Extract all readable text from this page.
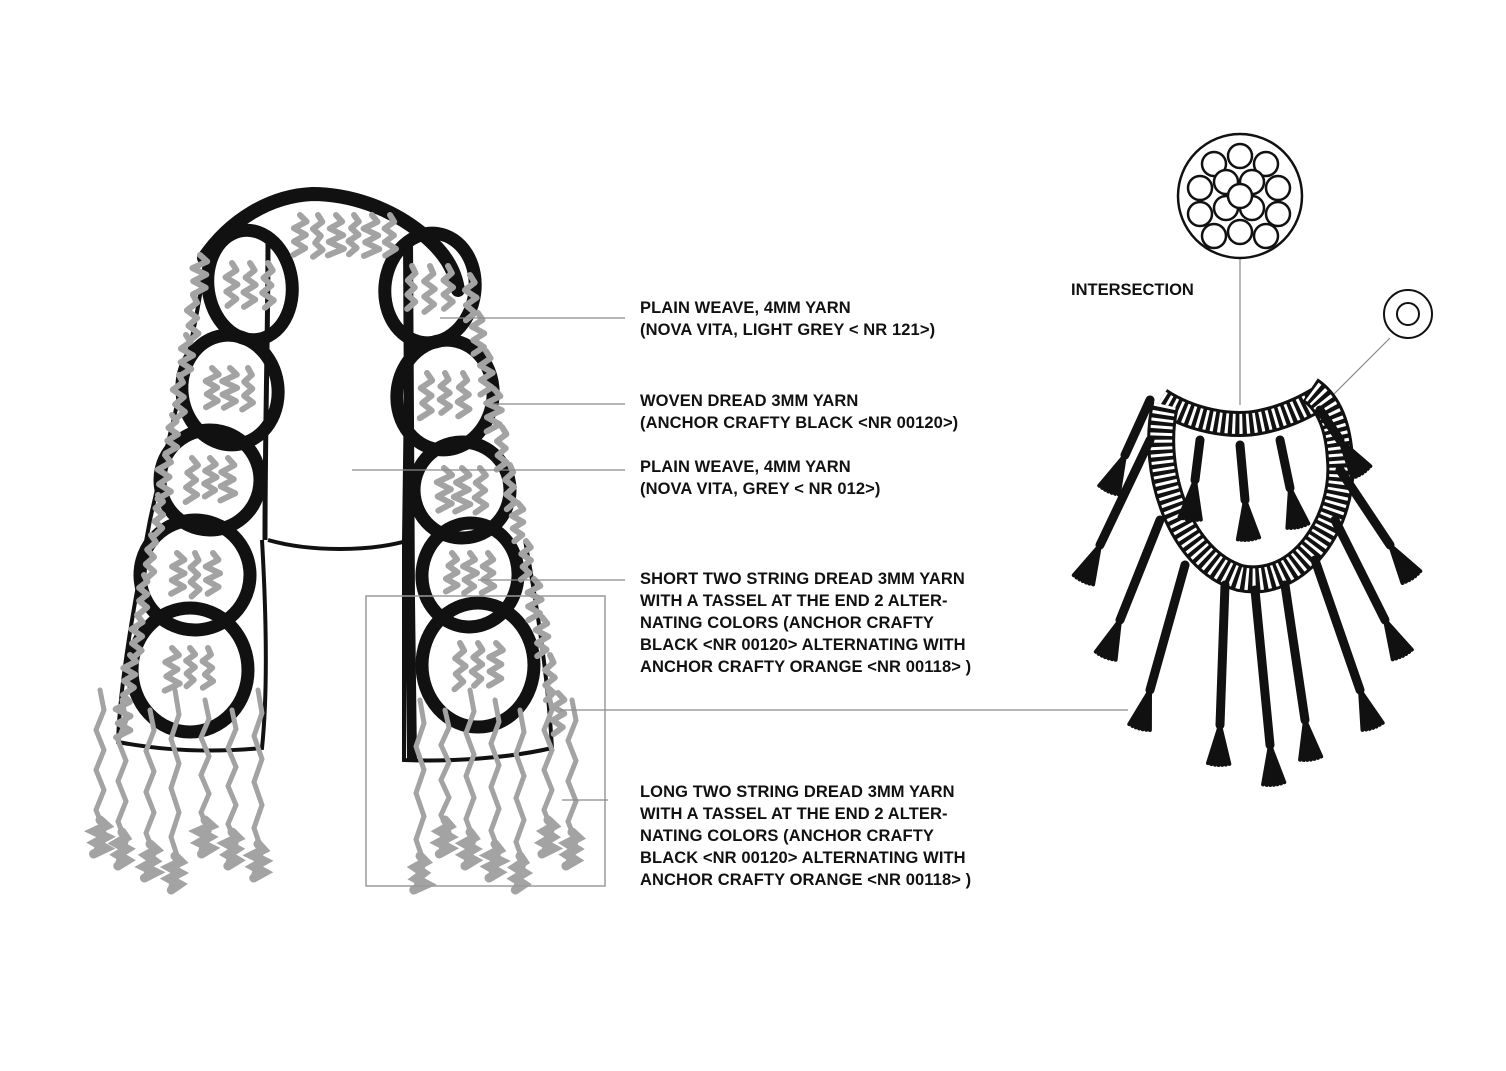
PLAIN WEAVE, 4MM YARN
(NOVA VITA, LIGHT GREY < NR 121>)
WOVEN DREAD 3MM YARN
(ANCHOR CRAFTY BLACK <NR 00120>)
PLAIN WEAVE, 4MM YARN
(NOVA VITA, GREY < NR 012>)
SHORT TWO STRING DREAD 3MM YARN
WITH A TASSEL AT THE END 2 ALTER-
NATING COLORS (ANCHOR CRAFTY
BLACK <NR 00120> ALTERNATING WITH
ANCHOR CRAFTY ORANGE <NR 00118> )
LONG TWO STRING DREAD 3MM YARN
WITH A TASSEL AT THE END 2 ALTER-
NATING COLORS (ANCHOR CRAFTY
BLACK <NR 00120> ALTERNATING WITH
ANCHOR CRAFTY ORANGE <NR 00118> )
INTERSECTION
